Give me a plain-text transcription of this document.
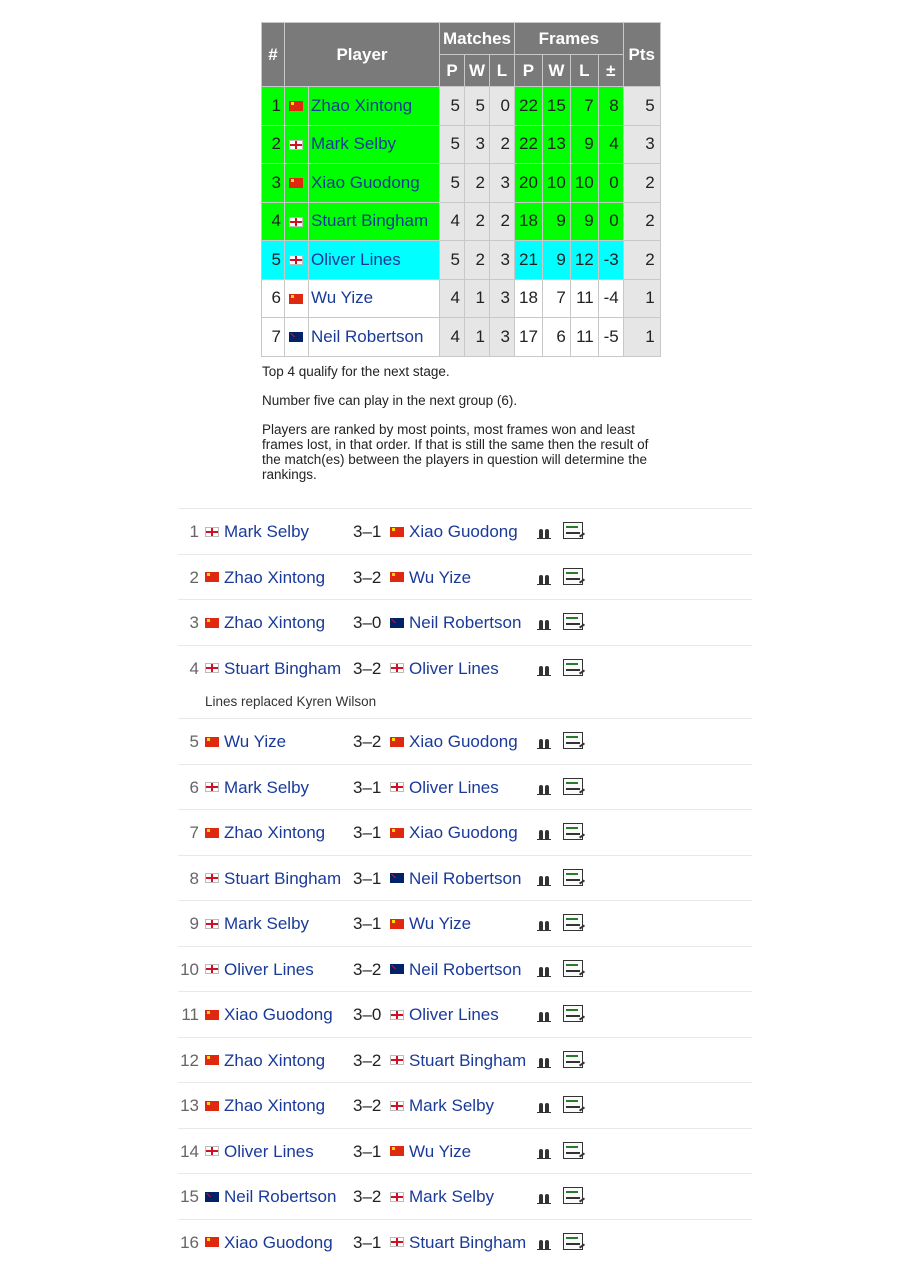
#	Player		Matches			Frames				Pts
			P	W	L	P	W	L	±	
1		Zhao Xintong	5	5	0	22	15	7	8	5
2		Mark Selby	5	3	2	22	13	9	4	3
3		Xiao Guodong	5	2	3	20	10	10	0	2
4		Stuart Bingham	4	2	2	18	9	9	0	2
5		Oliver Lines	5	2	3	21	9	12	-3	2
6		Wu Yize	4	1	3	18	7	11	-4	1
7		Neil Robertson	4	1	3	17	6	11	-5	1

Top 4 qualify for the next stage.

Number five can play in the next group (6).

Players are ranked by most points, most frames won and least frames lost, in that order. If that is still the same then the result of the match(es) between the players in question will determine the rankings.

1	Mark Selby	3–1	Xiao Guodong
2	Zhao Xintong 3–2	Wu Yize
3	Zhao Xintong 3–0	Neil Robertson
4	Stuart Bingham 3–2	Oliver Lines
Lines replaced Kyren Wilson
5	Wu Yize	3–2	Xiao Guodong
6	Mark Selby	3–1	Oliver Lines
7	Zhao Xintong 3–1	Xiao Guodong
8	Stuart Bingham 3–1	Neil Robertson
9	Mark Selby	3–1	Wu Yize
10	Oliver Lines 3–2	Neil Robertson
11	Xiao Guodong 3–0	Oliver Lines
12	Zhao Xintong 3–2	Stuart Bingham
13	Zhao Xintong 3–2	Mark Selby
14	Oliver Lines 3–1	Wu Yize
15	Neil Robertson 3–2	Mark Selby
16	Xiao Guodong 3–1	Stuart Bingham
